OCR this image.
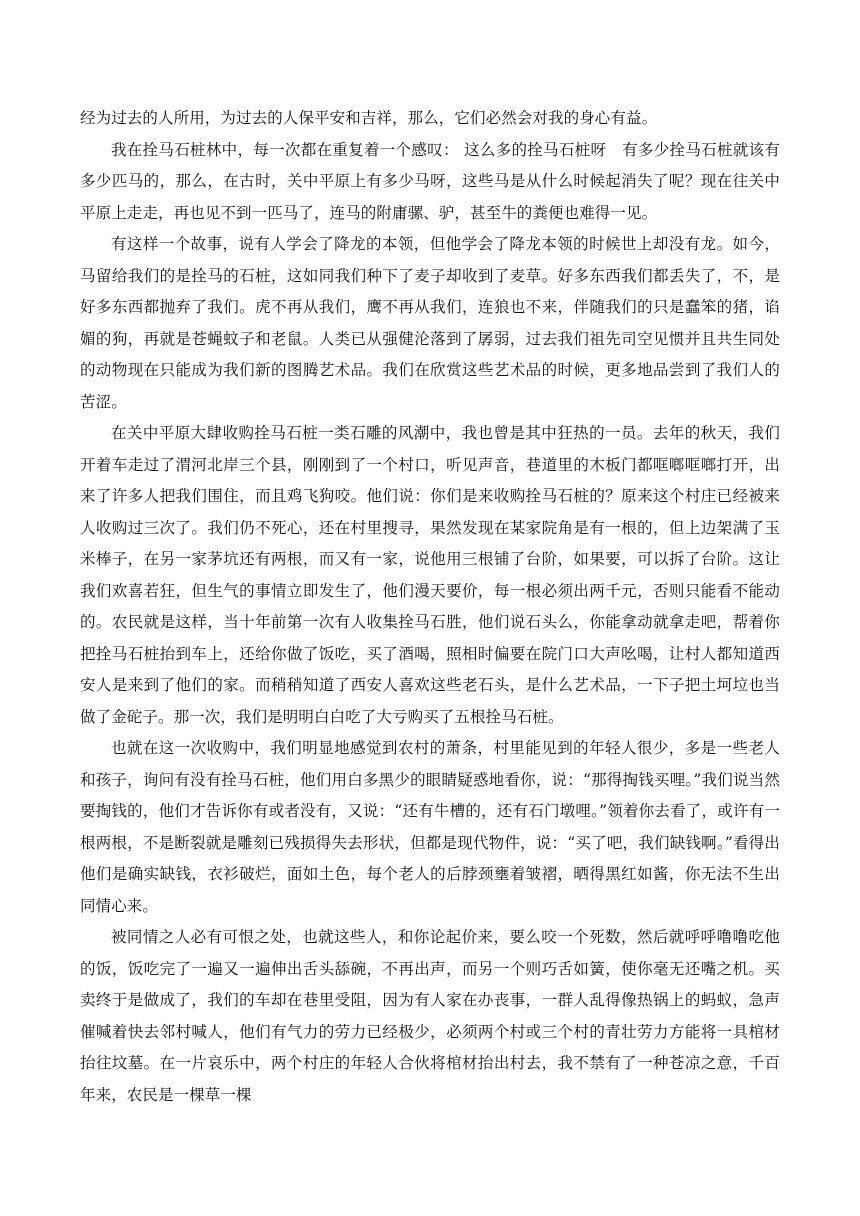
经为过去的人所用，为过去的人保平安和吉祥，那么，它们必然会对我的身心有益。

我在拴马石桩林中，每一次都在重复着一个感叹： 这么多的拴马石桩呀　有多少拴马石桩就该有多少匹马的，那么，在古时，关中平原上有多少马呀，这些马是从什么时候起消失了呢？现在往关中平原上走走，再也见不到一匹马了，连马的附庸骡、驴，甚至牛的粪便也难得一见。

有这样一个故事，说有人学会了降龙的本领，但他学会了降龙本领的时候世上却没有龙。如今，马留给我们的是拴马的石桩，这如同我们种下了麦子却收到了麦草。好多东西我们都丢失了，不，是好多东西都抛弃了我们。虎不再从我们，鹰不再从我们，连狼也不来，伴随我们的只是蠢笨的猪，谄媚的狗，再就是苍蝇蚊子和老鼠。人类已从强健沦落到了孱弱，过去我们祖先司空见惯并且共生同处的动物现在只能成为我们新的图腾艺术品。我们在欣赏这些艺术品的时候，更多地品尝到了我们人的苦涩。

在关中平原大肆收购拴马石桩一类石雕的风潮中，我也曾是其中狂热的一员。去年的秋天，我们开着车走过了渭河北岸三个县，刚刚到了一个村口，听见声音，巷道里的木板门都哐啷哐啷打开，出来了许多人把我们围住，而且鸡飞狗咬。他们说：你们是来收购拴马石桩的？原来这个村庄已经被来人收购过三次了。我们仍不死心，还在村里搜寻，果然发现在某家院角是有一根的，但上边架满了玉米棒子，在另一家茅坑还有两根，而又有一家，说他用三根铺了台阶，如果要，可以拆了台阶。这让我们欢喜若狂，但生气的事情立即发生了，他们漫天要价，每一根必须出两千元，否则只能看不能动的。农民就是这样，当十年前第一次有人收集拴马石胜，他们说石头么，你能拿动就拿走吧，帮着你把拴马石桩抬到车上，还给你做了饭吃，买了酒喝，照相时偏要在院门口大声吆喝，让村人都知道西安人是来到了他们的家。而稍稍知道了西安人喜欢这些老石头，是什么艺术品，一下子把土坷垃也当做了金砣子。那一次，我们是明明白白吃了大亏购买了五根拴马石桩。

也就在这一次收购中，我们明显地感觉到农村的萧条，村里能见到的年轻人很少，多是一些老人和孩子，询问有没有拴马石桩，他们用白多黑少的眼睛疑惑地看你，说：“那得掏钱买哩。”我们说当然要掏钱的，他们才告诉你有或者没有，又说：“还有牛槽的，还有石门墩哩。”领着你去看了，或许有一根两根，不是断裂就是雕刻已残损得失去形状，但都是现代物件，说：“买了吧，我们缺钱啊。”看得出他们是确实缺钱，衣衫破烂，面如土色，每个老人的后脖颈壅着皱褶，晒得黑红如酱，你无法不生出同情心来。

被同情之人必有可恨之处，也就这些人，和你论起价来，要么咬一个死数，然后就呼呼噜噜吃他的饭，饭吃完了一遍又一遍伸出舌头舔碗，不再出声，而另一个则巧舌如簧，使你毫无还嘴之机。买卖终于是做成了，我们的车却在巷里受阻，因为有人家在办丧事，一群人乱得像热锅上的蚂蚁，急声催喊着快去邻村喊人，他们有气力的劳力已经极少，必须两个村或三个村的青壮劳力方能将一具棺材抬往坟墓。在一片哀乐中，两个村庄的年轻人合伙将棺材抬出村去，我不禁有了一种苍凉之意，千百年来，农民是一棵草一棵
